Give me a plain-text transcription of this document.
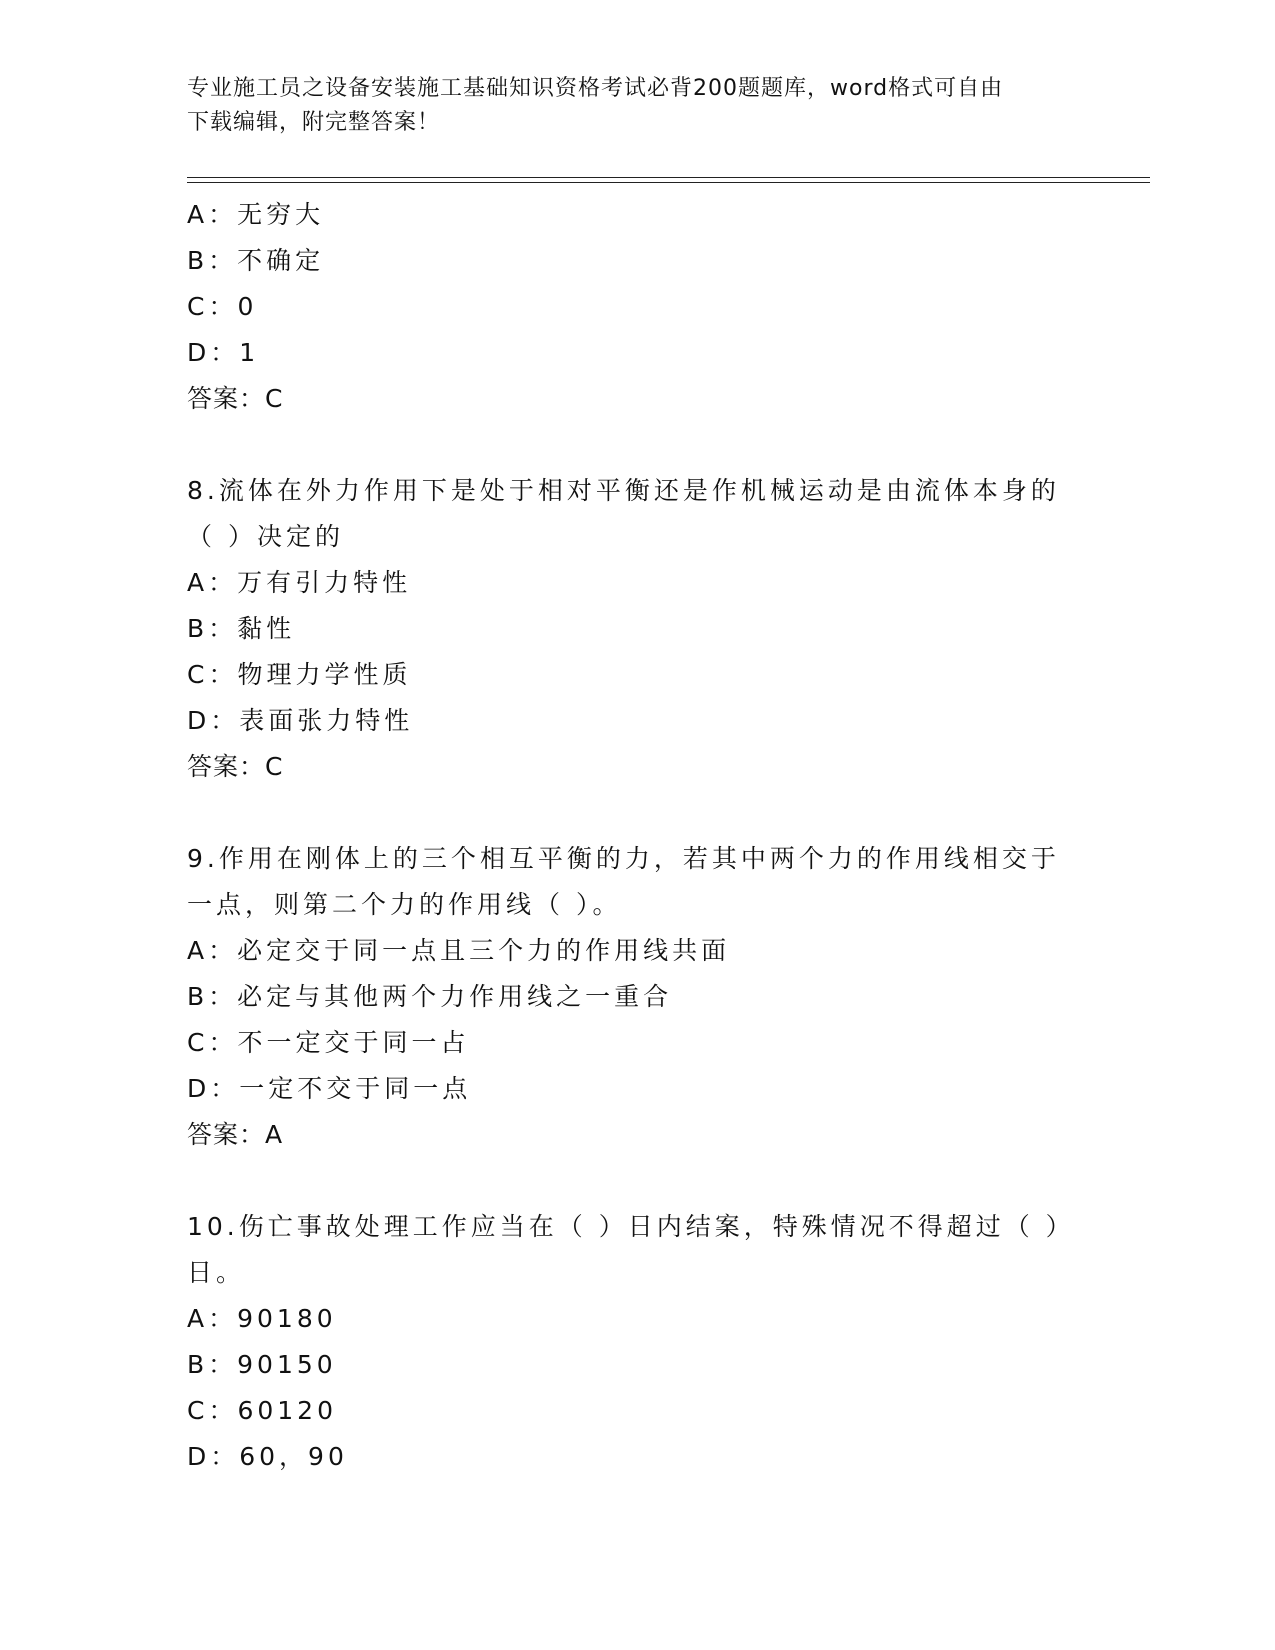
专业施工员之设备安装施工基础知识资格考试必背200题题库，word格式可自由
下载编辑，附完整答案！
A：无穷大
B：不确定
C：0
D：1
答案：C
8.流体在外力作用下是处于相对平衡还是作机械运动是由流体本身的
（ ）决定的
A：万有引力特性
B：黏性
C：物理力学性质
D：表面张力特性
答案：C
9.作用在刚体上的三个相互平衡的力，若其中两个力的作用线相交于
一点，则第二个力的作用线（ ）。
A：必定交于同一点且三个力的作用线共面
B：必定与其他两个力作用线之一重合
C：不一定交于同一占
D：一定不交于同一点
答案：A
10.伤亡事故处理工作应当在（ ）日内结案，特殊情况不得超过（ ）
日。
A：90180
B：90150
C：60120
D：60，90
